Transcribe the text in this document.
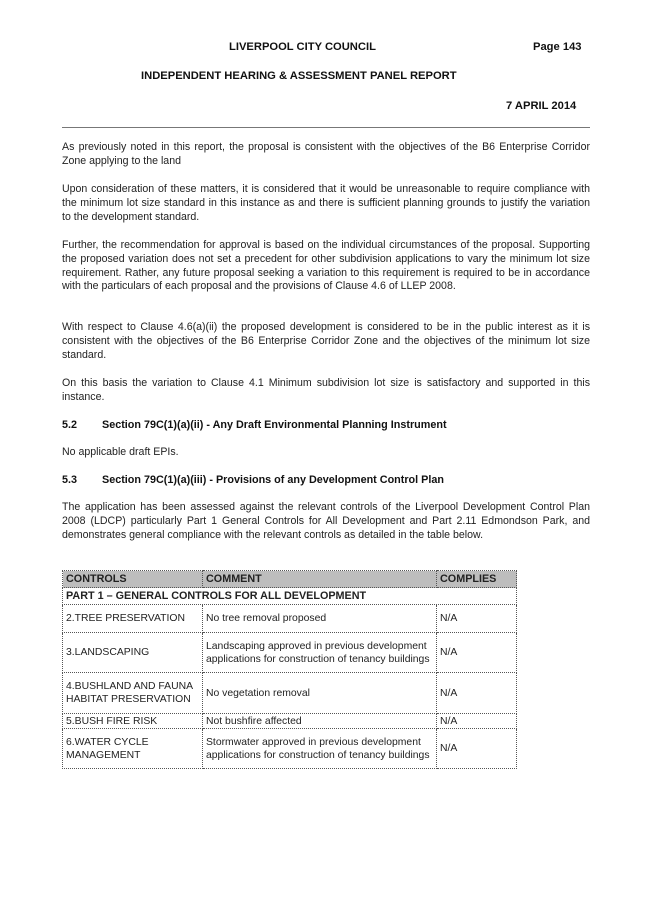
LIVERPOOL CITY COUNCIL	Page 143
INDEPENDENT HEARING & ASSESSMENT PANEL REPORT
7 APRIL 2014

As previously noted in this report, the proposal is consistent with the objectives of the B6 Enterprise Corridor Zone applying to the land

Upon consideration of these matters, it is considered that it would be unreasonable to require compliance with the minimum lot size standard in this instance as and there is sufficient planning grounds to justify the variation to the development standard.

Further, the recommendation for approval is based on the individual circumstances of the proposal. Supporting the proposed variation does not set a precedent for other subdivision applications to vary the minimum lot size requirement. Rather, any future proposal seeking a variation to this requirement is required to be in accordance with the particulars of each proposal and the provisions of Clause 4.6 of LLEP 2008.

With respect to Clause 4.6(a)(ii) the proposed development is considered to be in the public interest as it is consistent with the objectives of the B6 Enterprise Corridor Zone and the objectives of the minimum lot size standard.

On this basis the variation to Clause 4.1 Minimum subdivision lot size is satisfactory and supported in this instance.

5.2 Section 79C(1)(a)(ii) - Any Draft Environmental Planning Instrument

No applicable draft EPIs.

5.3 Section 79C(1)(a)(iii) - Provisions of any Development Control Plan

The application has been assessed against the relevant controls of the Liverpool Development Control Plan 2008 (LDCP) particularly Part 1 General Controls for All Development and Part 2.11 Edmondson Park, and demonstrates general compliance with the relevant controls as detailed in the table below.

CONTROLS	COMMENT	COMPLIES
PART 1 – GENERAL CONTROLS FOR ALL DEVELOPMENT		
2.TREE PRESERVATION	No tree removal proposed	N/A
3.LANDSCAPING	Landscaping approved in previous development applications for construction of tenancy buildings	N/A
4.BUSHLAND AND FAUNA HABITAT PRESERVATION	No vegetation removal	N/A
5.BUSH FIRE RISK	Not bushfire affected	N/A
6.WATER CYCLE MANAGEMENT	Stormwater approved in previous development applications for construction of tenancy buildings	N/A
